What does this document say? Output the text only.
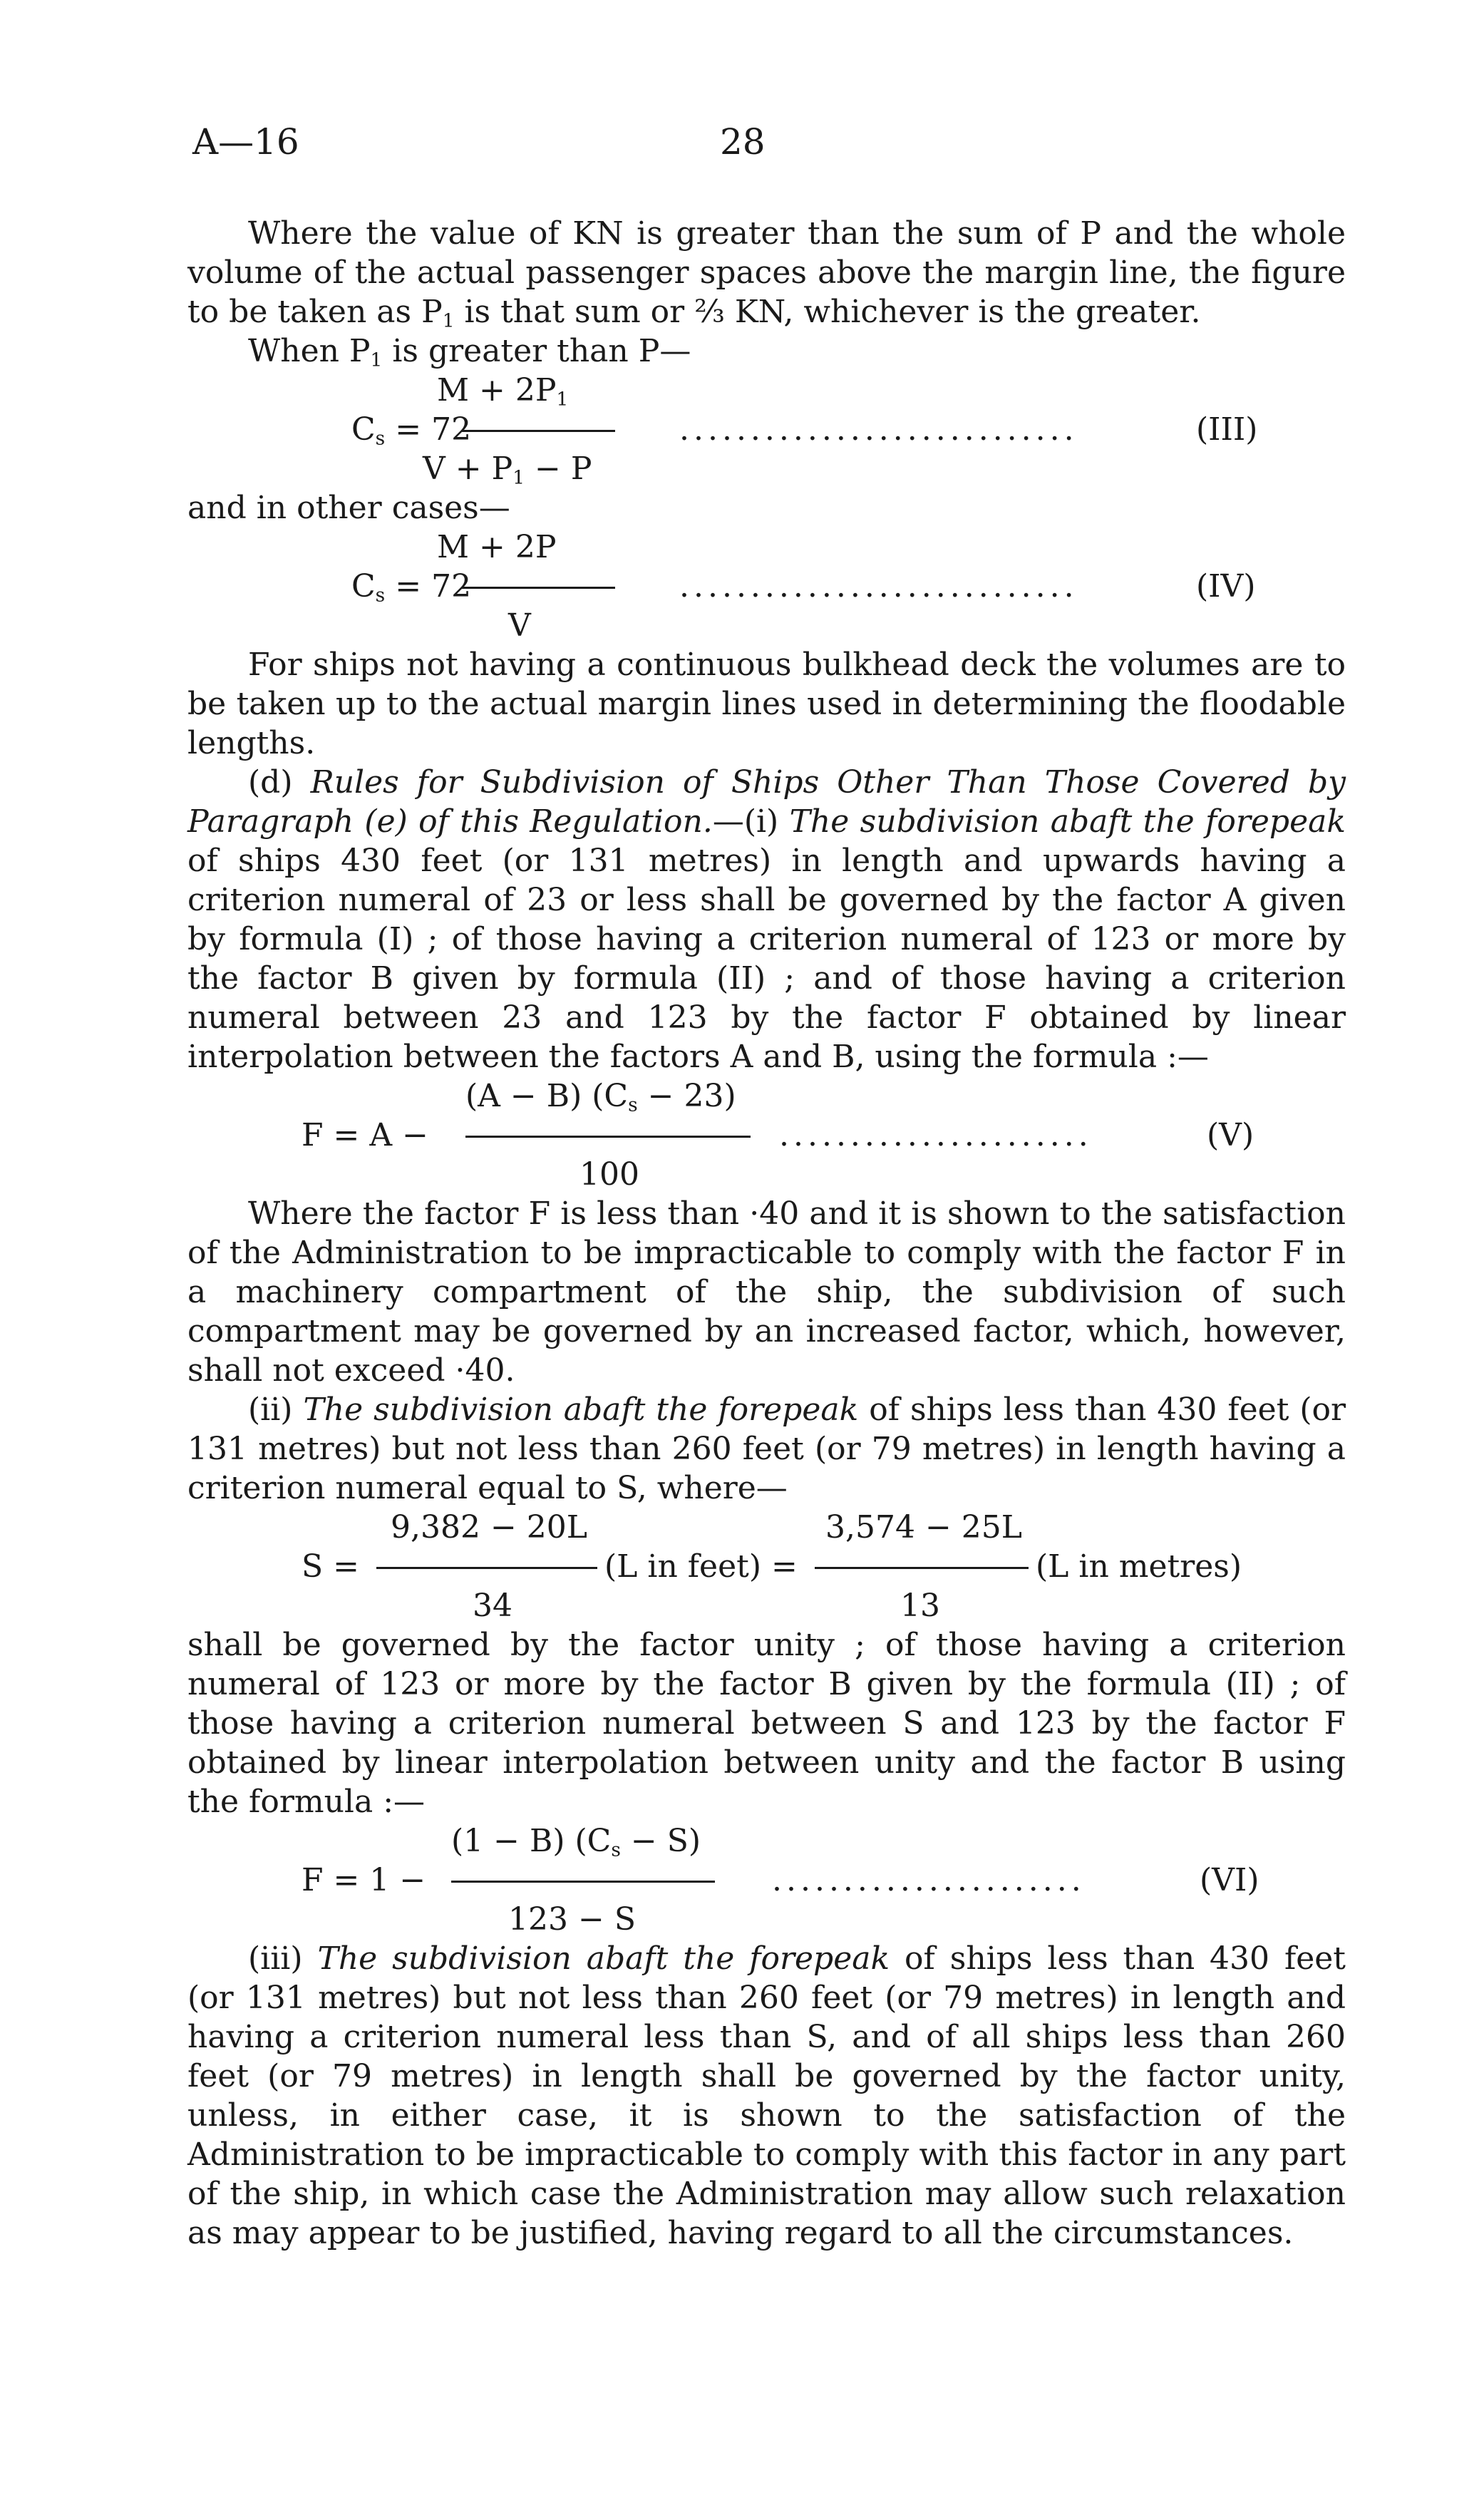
A—16	28

Where the value of KN is greater than the sum of P and the whole volume of the actual passenger spaces above the margin line, the figure to be taken as $P_1$ is that sum or ⅔ KN, whichever is the greater.

When $P_1$ is greater than P—

$M + 2P_1$
$C_s = 72$	............................	(III)
$V + P_1 - P$

and in other cases—

M + 2P
$C_s = 72$	............................	(IV)
V

For ships not having a continuous bulkhead deck the volumes are to be taken up to the actual margin lines used in determining the floodable lengths.

(d) Rules for Subdivision of Ships Other Than Those Covered by Paragraph (e) of this Regulation.—(i) The subdivision abaft the forepeak of ships 430 feet (or 131 metres) in length and upwards having a criterion numeral of 23 or less shall be governed by the factor A given by formula (I) ; of those having a criterion numeral of 123 or more by the factor B given by formula (II) ; and of those having a criterion numeral between 23 and 123 by the factor F obtained by linear interpolation between the factors A and B, using the formula :—

(A − B) $(C_s - 23)$
F = A −	......................	(V)
100

Where the factor F is less than ·40 and it is shown to the satisfaction of the Administration to be impracticable to comply with the factor F in a machinery compartment of the ship, the subdivision of such compartment may be governed by an increased factor, which, however, shall not exceed ·40.

(ii) The subdivision abaft the forepeak of ships less than 430 feet (or 131 metres) but not less than 260 feet (or 79 metres) in length having a criterion numeral equal to S, where—

9,382 − 20L	3,574 − 25L
S =	(L in feet) =	(L in metres)
34	13

shall be governed by the factor unity ; of those having a criterion numeral of 123 or more by the factor B given by the formula (II) ; of those having a criterion numeral between S and 123 by the factor F obtained by linear interpolation between unity and the factor B using the formula :—

(1 − B) $(C_s - S)$
F = 1 −	......................	(VI)
123 − S

(iii) The subdivision abaft the forepeak of ships less than 430 feet (or 131 metres) but not less than 260 feet (or 79 metres) in length and having a criterion numeral less than S, and of all ships less than 260 feet (or 79 metres) in length shall be governed by the factor unity, unless, in either case, it is shown to the satisfaction of the Administration to be impracticable to comply with this factor in any part of the ship, in which case the Administration may allow such relaxation as may appear to be justified, having regard to all the circumstances.
